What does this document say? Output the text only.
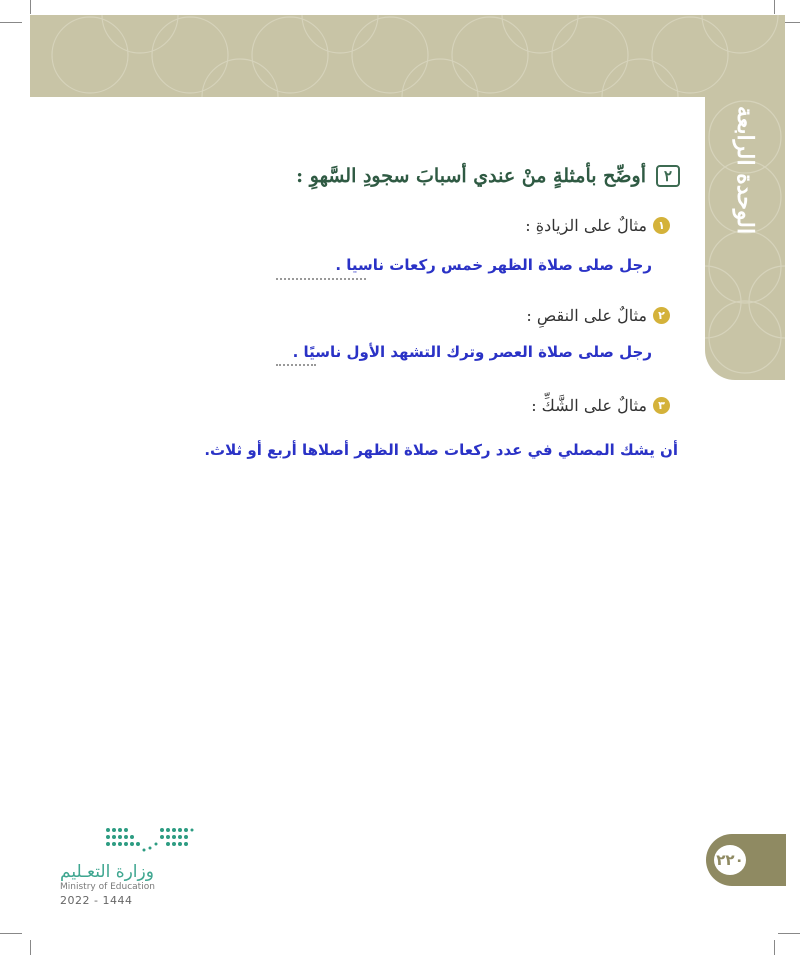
الوحدة الرابعة
٢
أوضِّح بأمثلةٍ منْ عندي أسبابَ سجودِ السَّهوِ :
١
مثالٌ على الزيادةِ :
رجل صلى صلاة الظهر خمس ركعات ناسيا .
٢
مثالٌ على النقصِ :
رجل صلى صلاة العصر وترك التشهد الأول ناسيًا .
٣
مثالٌ على الشَّكِّ :
أن يشك المصلي في عدد ركعات صلاة الظهر أصلاها أربع أو ثلاث.
٢٢٠
وزارة التعـليم
Ministry of Education
2022 - 1444
